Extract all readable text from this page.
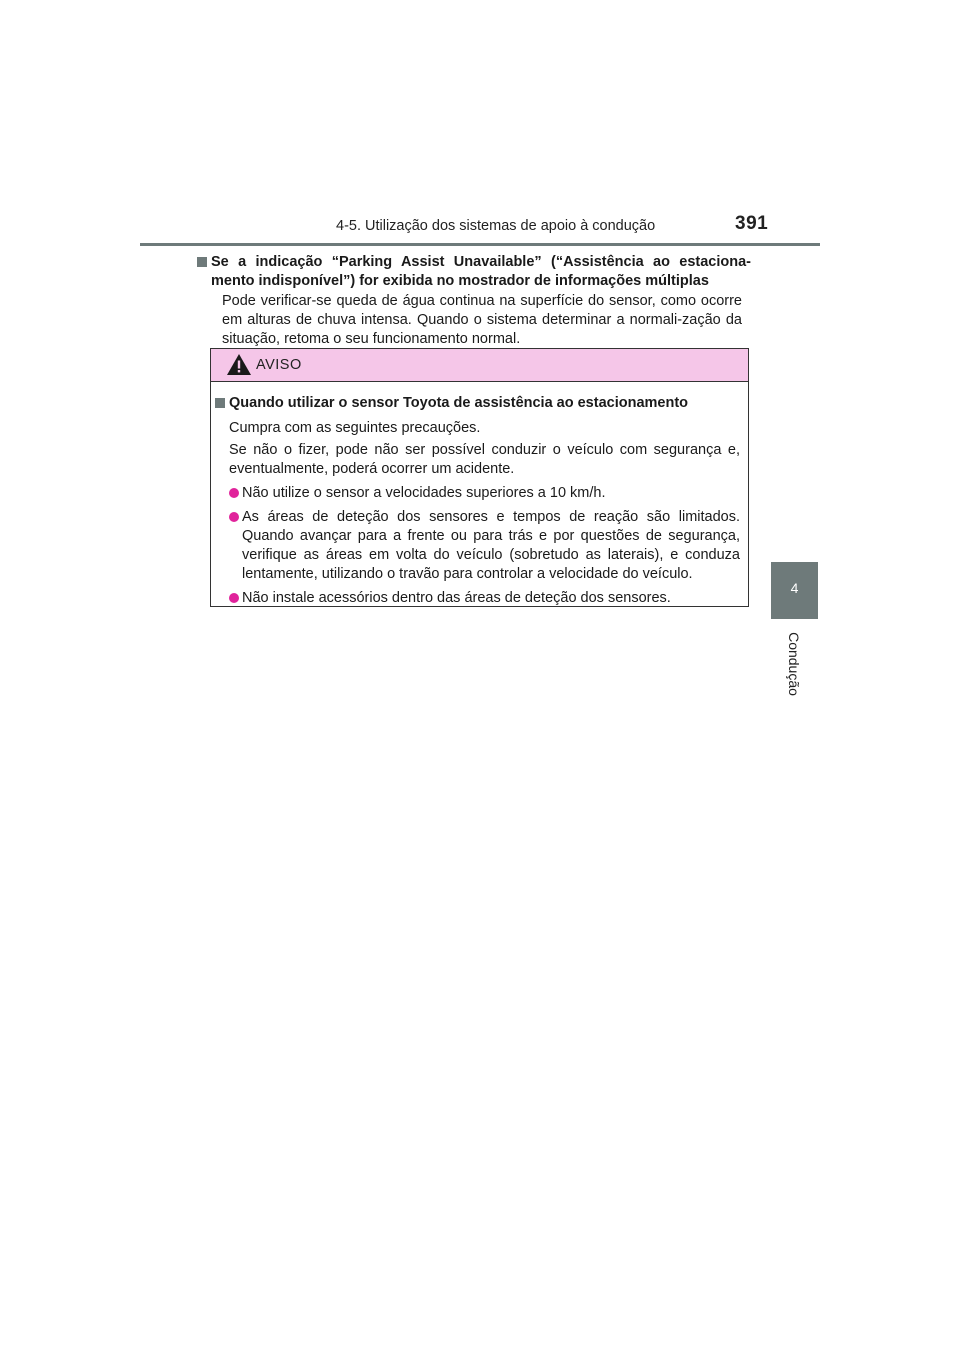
4-5. Utilização dos sistemas de apoio à condução	391
4
Condução
Se a indicação “Parking Assist Unavailable” (“Assistência ao estaciona-mento indisponível”) for exibida no mostrador de informações múltiplas
Pode verificar-se queda de água continua na superfície do sensor, como ocorre em alturas de chuva intensa. Quando o sistema determinar a normali-zação da situação, retoma o seu funcionamento normal.
AVISO
Quando utilizar o sensor Toyota de assistência ao estacionamento
Cumpra com as seguintes precauções.
Se não o fizer, pode não ser possível conduzir o veículo com segurança e, eventualmente, poderá ocorrer um acidente.
Não utilize o sensor a velocidades superiores a 10 km/h.
As áreas de deteção dos sensores e tempos de reação são limitados. Quando avançar para a frente ou para trás e por questões de segurança, verifique as áreas em volta do veículo (sobretudo as laterais), e conduza lentamente, utilizando o travão para controlar a velocidade do veículo.
Não instale acessórios dentro das áreas de deteção dos sensores.
